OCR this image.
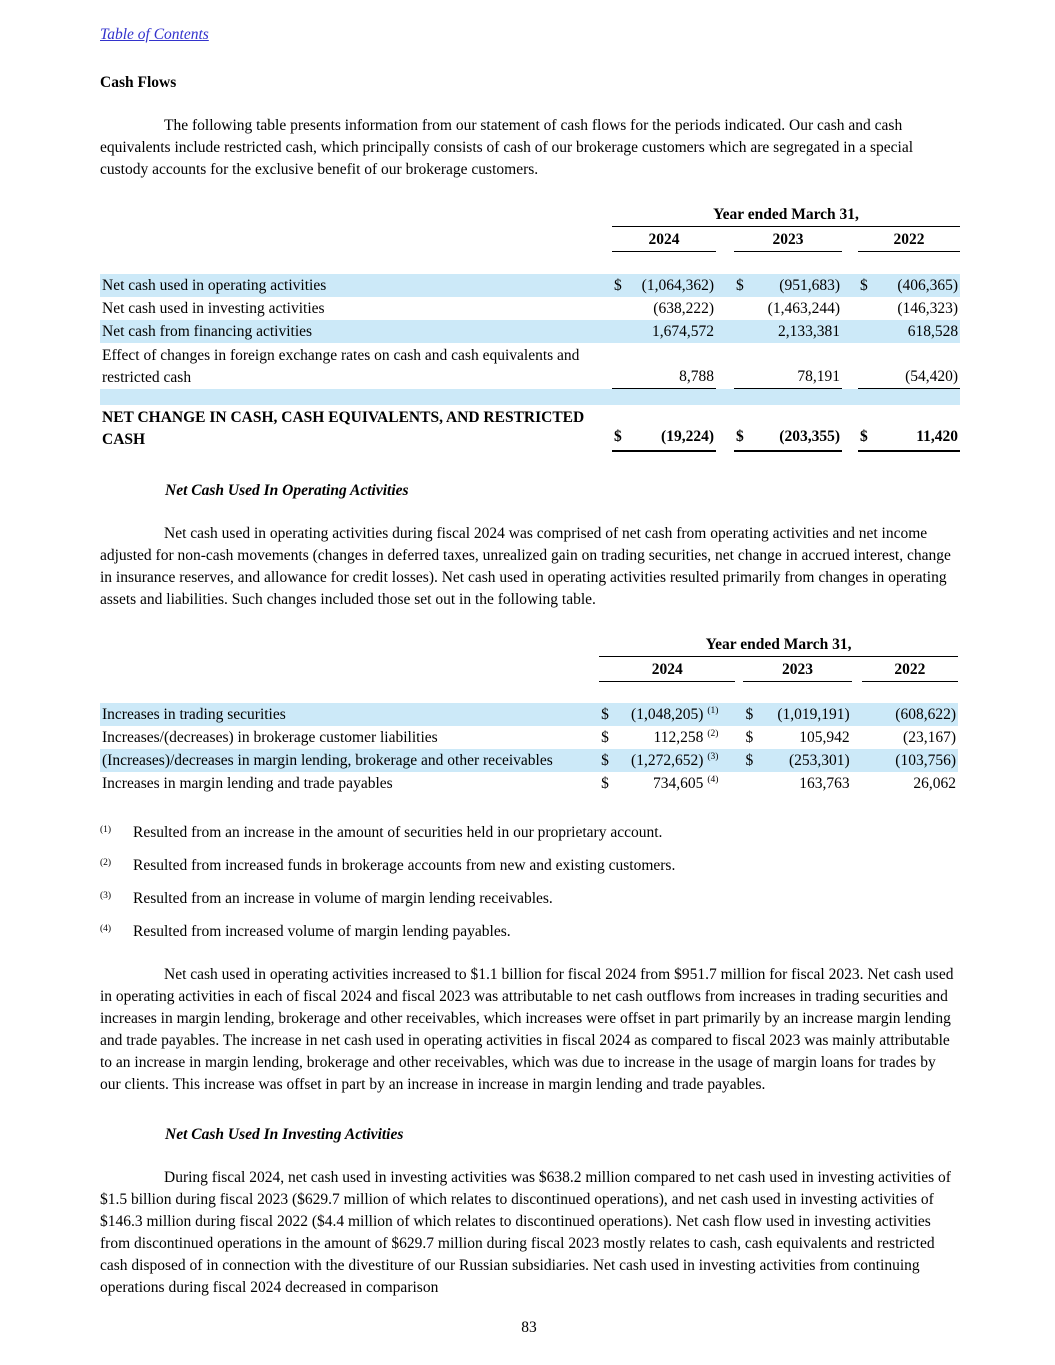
Table of Contents
Cash Flows

The following table presents information from our statement of cash flows for the periods indicated. Our cash and cash equivalents include restricted cash, which principally consists of cash of our brokerage customers which are segregated in a special custody accounts for the exclusive benefit of our brokerage customers.

	Year ended March 31,							
	2024			2023			2022	

Net cash used in operating activities	$	(1,064,362)		$	(951,683)		$	(406,365)
Net cash used in investing activities		(638,222)			(1,463,244)			(146,323)
Net cash from financing activities		1,674,572			2,133,381			618,528
Effect of changes in foreign exchange rates on cash and cash equivalents and restricted cash		8,788			78,191			(54,420)

NET CHANGE IN CASH, CASH EQUIVALENTS, AND RESTRICTED CASH	$	(19,224)		$	(203,355)		$	11,420
Net Cash Used In Operating Activities

Net cash used in operating activities during fiscal 2024 was comprised of net cash from operating activities and net income adjusted for non-cash movements (changes in deferred taxes, unrealized gain on trading securities, net change in accrued interest, change in insurance reserves, and allowance for credit losses). Net cash used in operating activities resulted primarily from changes in operating assets and liabilities. Such changes included those set out in the following table.

	Year ended March 31,							
	2024				2023			2022

Increases in trading securities	$	(1,048,205)	$^{(1)}$		$	(1,019,191)		(608,622)
Increases/(decreases) in brokerage customer liabilities	$	112,258	$^{(2)}$		$	105,942		(23,167)
(Increases)/decreases in margin lending, brokerage and other receivables	$	(1,272,652)	$^{(3)}$		$	(253,301)		(103,756)
Increases in margin lending and trade payables	$	734,605	$^{(4)}$			163,763		26,062
(1)	Resulted from an increase in the amount of securities held in our proprietary account.
(2)	Resulted from increased funds in brokerage accounts from new and existing customers.
(3)	Resulted from an increase in volume of margin lending receivables.
(4)	Resulted from increased volume of margin lending payables.

Net cash used in operating activities increased to $1.1 billion for fiscal 2024 from $951.7 million for fiscal 2023. Net cash used in operating activities in each of fiscal 2024 and fiscal 2023 was attributable to net cash outflows from increases in trading securities and increases in margin lending, brokerage and other receivables, which increases were offset in part primarily by an increase margin lending and trade payables. The increase in net cash used in operating activities in fiscal 2024 as compared to fiscal 2023 was mainly attributable to an increase in margin lending, brokerage and other receivables, which was due to increase in the usage of margin loans for trades by our clients. This increase was offset in part by an increase in increase in margin lending and trade payables.

Net Cash Used In Investing Activities

During fiscal 2024, net cash used in investing activities was $638.2 million compared to net cash used in investing activities of $1.5 billion during fiscal 2023 ($629.7 million of which relates to discontinued operations), and net cash used in investing activities of $146.3 million during fiscal 2022 ($4.4 million of which relates to discontinued operations). Net cash flow used in investing activities from discontinued operations in the amount of $629.7 million during fiscal 2023 mostly relates to cash, cash equivalents and restricted cash disposed of in connection with the divestiture of our Russian subsidiaries. Net cash used in investing activities from continuing operations during fiscal 2024 decreased in comparison

83
